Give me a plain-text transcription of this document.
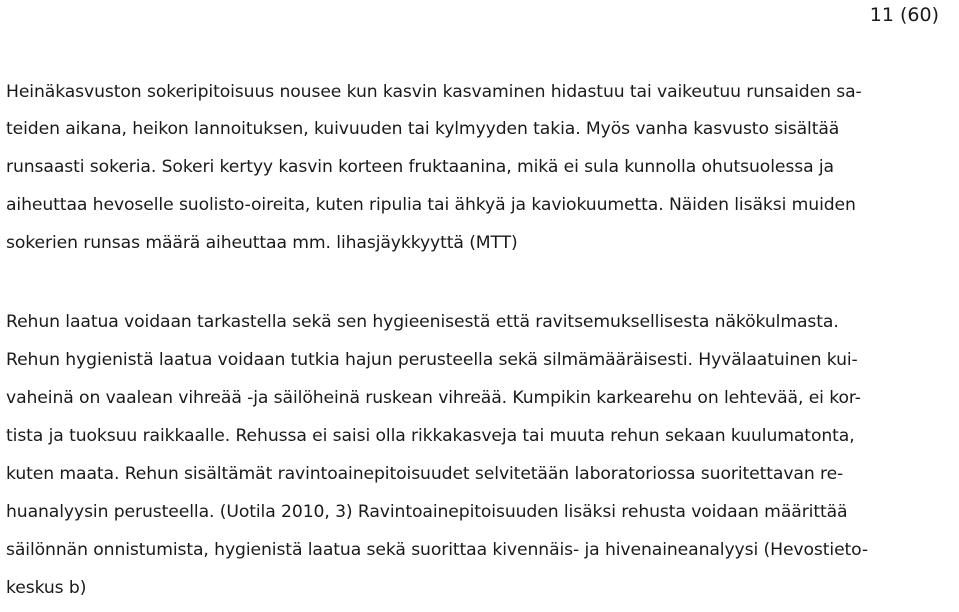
11 (60)
Heinäkasvuston sokeripitoisuus nousee kun kasvin kasvaminen hidastuu tai vaikeutuu runsaiden sa-
teiden aikana, heikon lannoituksen, kuivuuden tai kylmyyden takia. Myös vanha kasvusto sisältää
runsaasti sokeria. Sokeri kertyy kasvin korteen fruktaanina, mikä ei sula kunnolla ohutsuolessa ja
aiheuttaa hevoselle suolisto-oireita, kuten ripulia tai ähkyä ja kaviokuumetta. Näiden lisäksi muiden
sokerien runsas määrä aiheuttaa mm. lihasjäykkyyttä (MTT)
Rehun laatua voidaan tarkastella sekä sen hygieenisestä että ravitsemuksellisesta näkökulmasta.
Rehun hygienistä laatua voidaan tutkia hajun perusteella sekä silmämääräisesti. Hyvälaatuinen kui-
vaheinä on vaalean vihreää -ja säilöheinä ruskean vihreää. Kumpikin karkearehu on lehtevää, ei kor-
tista ja tuoksuu raikkaalle. Rehussa ei saisi olla rikkakasveja tai muuta rehun sekaan kuulumatonta,
kuten maata. Rehun sisältämät ravintoainepitoisuudet selvitetään laboratoriossa suoritettavan re-
huanalyysin perusteella. (Uotila 2010, 3) Ravintoainepitoisuuden lisäksi rehusta voidaan määrittää
säilönnän onnistumista, hygienistä laatua sekä suorittaa kivennäis- ja hivenaineanalyysi (Hevostieto-
keskus b)
